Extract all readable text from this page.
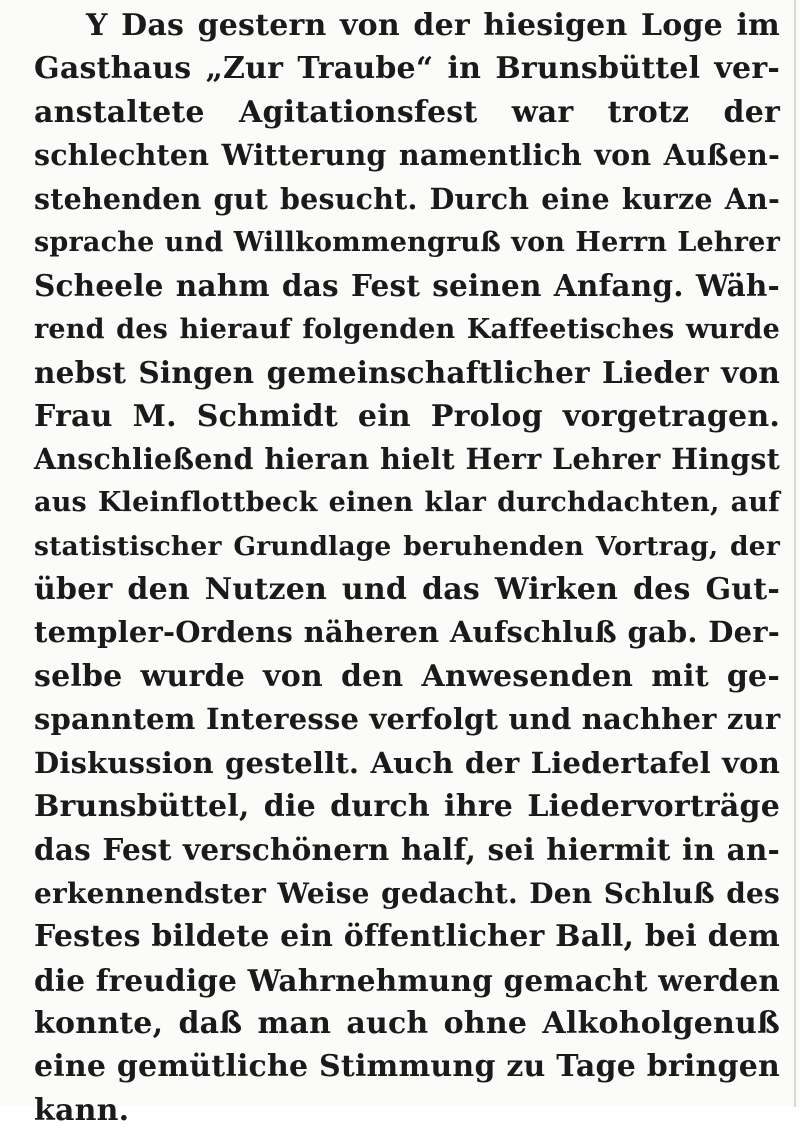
Y Das gestern von der hiesigen Loge im
Gasthaus „Zur Traube“ in Brunsbüttel ver-
anstaltete Agitationsfest war trotz der
schlechten Witterung namentlich von Außen-
stehenden gut besucht. Durch eine kurze An-
sprache und Willkommengruß von Herrn Lehrer
Scheele nahm das Fest seinen Anfang. Wäh-
rend des hierauf folgenden Kaffeetisches wurde
nebst Singen gemeinschaftlicher Lieder von
Frau M. Schmidt ein Prolog vorgetragen.
Anschließend hieran hielt Herr Lehrer Hingst
aus Kleinflottbeck einen klar durchdachten, auf
statistischer Grundlage beruhenden Vortrag, der
über den Nutzen und das Wirken des Gut-
templer-Ordens näheren Aufschluß gab. Der-
selbe wurde von den Anwesenden mit ge-
spanntem Interesse verfolgt und nachher zur
Diskussion gestellt. Auch der Liedertafel von
Brunsbüttel, die durch ihre Liedervorträge
das Fest verschönern half, sei hiermit in an-
erkennendster Weise gedacht. Den Schluß des
Festes bildete ein öffentlicher Ball, bei dem
die freudige Wahrnehmung gemacht werden
konnte, daß man auch ohne Alkoholgenuß
eine gemütliche Stimmung zu Tage bringen
kann.
